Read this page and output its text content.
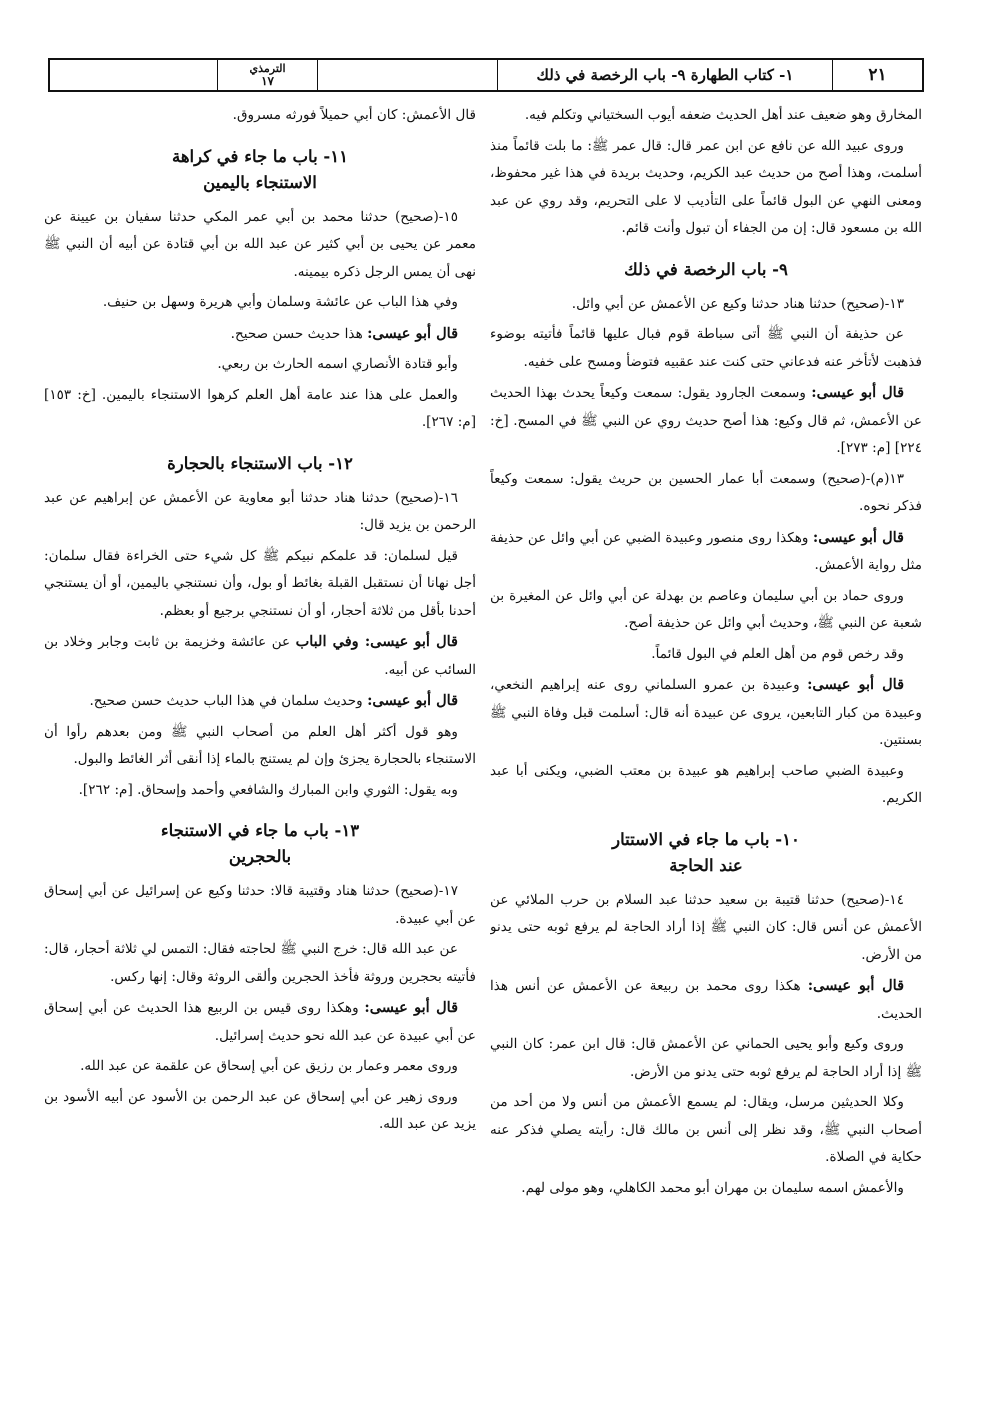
٢١
١- كتاب الطهارة ٩- باب الرخصة في ذلك
الترمذي
١٧

المخارق وهو ضعيف عند أهل الحديث ضعفه أيوب السختياني وتكلم فيه.

وروى عبيد الله عن نافع عن ابن عمر قال: قال عمر ﷺ: ما بلت قائماً منذ أسلمت، وهذا أصح من حديث عبد الكريم، وحديث بريدة في هذا غير محفوظ، ومعنى النهي عن البول قائماً على التأديب لا على التحريم، وقد روي عن عبد الله بن مسعود قال: إن من الجفاء أن تبول وأنت قائم.

٩- باب الرخصة في ذلك

١٣-(صحيح) حدثنا هناد حدثنا وكيع عن الأعمش عن أبي وائل.

عن حذيفة أن النبي ﷺ أتى سباطة قوم فبال عليها قائماً فأتيته بوضوء فذهبت لأتأخر عنه فدعاني حتى كنت عند عقبيه فتوضأ ومسح على خفيه.

قال أبو عيسى: وسمعت الجارود يقول: سمعت وكيعاً يحدث بهذا الحديث عن الأعمش، ثم قال وكيع: هذا أصح حديث روي عن النبي ﷺ في المسح. [خ: ٢٢٤] [م: ٢٧٣].

١٣(م)-(صحيح) وسمعت أبا عمار الحسين بن حريث يقول: سمعت وكيعاً فذكر نحوه.

قال أبو عيسى: وهكذا روى منصور وعبيدة الضبي عن أبي وائل عن حذيفة مثل رواية الأعمش.

وروى حماد بن أبي سليمان وعاصم بن بهدلة عن أبي وائل عن المغيرة بن شعبة عن النبي ﷺ، وحديث أبي وائل عن حذيفة أصح.

وقد رخص قوم من أهل العلم في البول قائماً.

قال أبو عيسى: وعبيدة بن عمرو السلماني روى عنه إبراهيم النخعي، وعبيدة من كبار التابعين، يروى عن عبيدة أنه قال: أسلمت قبل وفاة النبي ﷺ بسنتين.

وعبيدة الضبي صاحب إبراهيم هو عبيدة بن معتب الضبي، ويكنى أبا عبد الكريم.

١٠- باب ما جاء في الاستتار
عند الحاجة

١٤-(صحيح) حدثنا قتيبة بن سعيد حدثنا عبد السلام بن حرب الملائي عن الأعمش عن أنس قال: كان النبي ﷺ إذا أراد الحاجة لم يرفع ثوبه حتى يدنو من الأرض.

قال أبو عيسى: هكذا روى محمد بن ربيعة عن الأعمش عن أنس هذا الحديث.

وروى وكيع وأبو يحيى الحماني عن الأعمش قال: قال ابن عمر: كان النبي ﷺ إذا أراد الحاجة لم يرفع ثوبه حتى يدنو من الأرض.

وكلا الحديثين مرسل، ويقال: لم يسمع الأعمش من أنس ولا من أحد من أصحاب النبي ﷺ، وقد نظر إلى أنس بن مالك قال: رأيته يصلي فذكر عنه حكاية في الصلاة.

والأعمش اسمه سليمان بن مهران أبو محمد الكاهلي، وهو مولى لهم.

قال الأعمش: كان أبي حميلاً فورثه مسروق.

١١- باب ما جاء في كراهة
الاستنجاء باليمين

١٥-(صحيح) حدثنا محمد بن أبي عمر المكي حدثنا سفيان بن عيينة عن معمر عن يحيى بن أبي كثير عن عبد الله بن أبي قتادة عن أبيه أن النبي ﷺ نهى أن يمس الرجل ذكره بيمينه.

وفي هذا الباب عن عائشة وسلمان وأبي هريرة وسهل بن حنيف.

قال أبو عيسى: هذا حديث حسن صحيح.

وأبو قتادة الأنصاري اسمه الحارث بن ربعي.

والعمل على هذا عند عامة أهل العلم كرهوا الاستنجاء باليمين. [خ: ١٥٣] [م: ٢٦٧].

١٢- باب الاستنجاء بالحجارة

١٦-(صحيح) حدثنا هناد حدثنا أبو معاوية عن الأعمش عن إبراهيم عن عبد الرحمن بن يزيد قال:

قيل لسلمان: قد علمكم نبيكم ﷺ كل شيء حتى الخراءة فقال سلمان: أجل نهانا أن نستقبل القبلة بغائط أو بول، وأن نستنجي باليمين، أو أن يستنجي أحدنا بأقل من ثلاثة أحجار، أو أن نستنجي برجيع أو بعظم.

قال أبو عيسى: وفي الباب عن عائشة وخزيمة بن ثابت وجابر وخلاد بن السائب عن أبيه.

قال أبو عيسى: وحديث سلمان في هذا الباب حديث حسن صحيح.

وهو قول أكثر أهل العلم من أصحاب النبي ﷺ ومن بعدهم رأوا أن الاستنجاء بالحجارة يجزئ وإن لم يستنج بالماء إذا أنقى أثر الغائط والبول.

وبه يقول: الثوري وابن المبارك والشافعي وأحمد وإسحاق. [م: ٢٦٢].

١٣- باب ما جاء في الاستنجاء
بالحجرين

١٧-(صحيح) حدثنا هناد وقتيبة قالا: حدثنا وكيع عن إسرائيل عن أبي إسحاق عن أبي عبيدة.

عن عبد الله قال: خرج النبي ﷺ لحاجته فقال: التمس لي ثلاثة أحجار، قال: فأتيته بحجرين وروثة فأخذ الحجرين وألقى الروثة وقال: إنها ركس.

قال أبو عيسى: وهكذا روى قيس بن الربيع هذا الحديث عن أبي إسحاق عن أبي عبيدة عن عبد الله نحو حديث إسرائيل.

وروى معمر وعمار بن رزيق عن أبي إسحاق عن علقمة عن عبد الله.

وروى زهير عن أبي إسحاق عن عبد الرحمن بن الأسود عن أبيه الأسود بن يزيد عن عبد الله.
